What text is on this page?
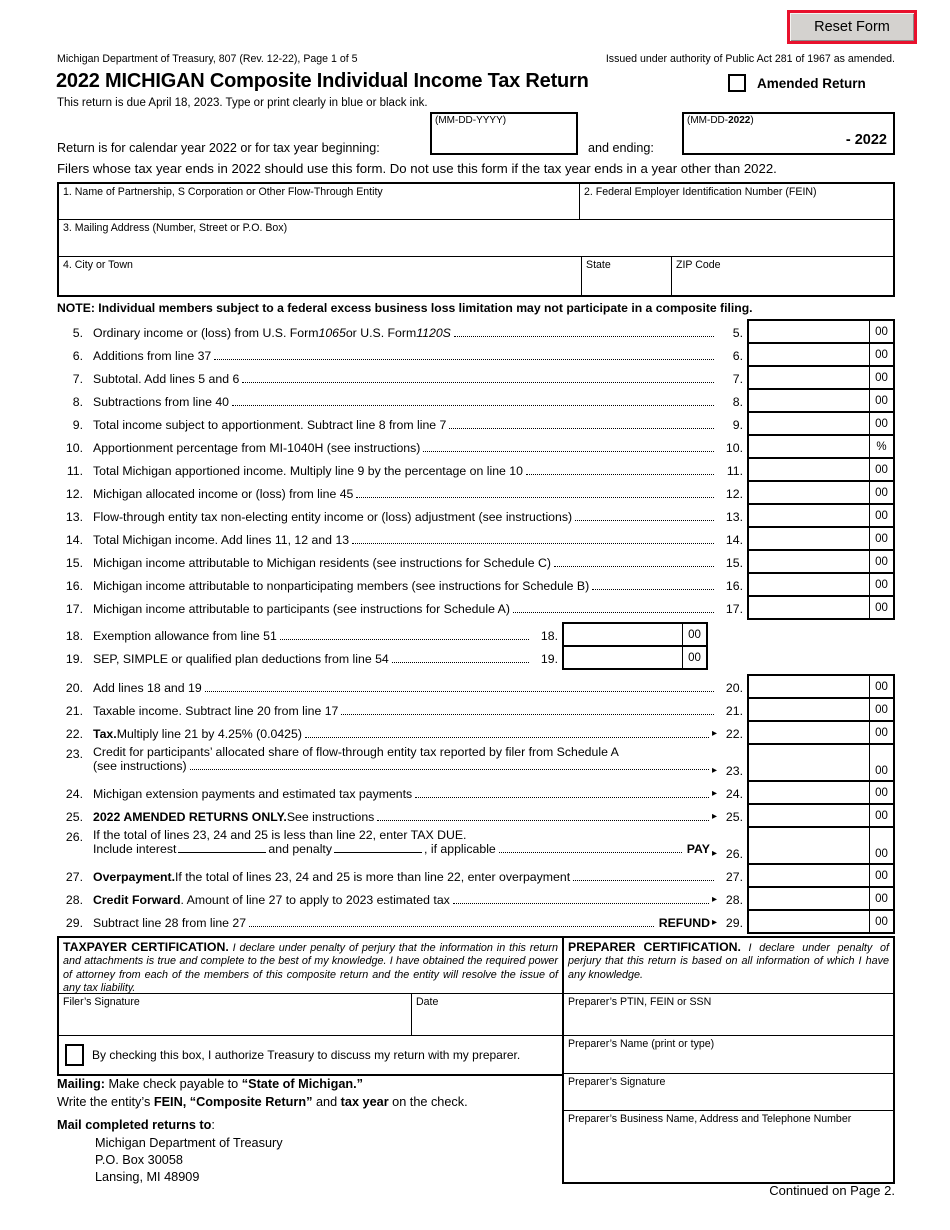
Reset Form
Michigan Department of Treasury, 807 (Rev. 12-22), Page 1 of 5	Issued under authority of Public Act 281 of 1967 as amended.
2022 MICHIGAN Composite Individual Income Tax Return	Amended Return
This return is due April 18, 2023. Type or print clearly in blue or black ink.
Return is for calendar year 2022 or for tax year beginning:
(MM-DD-YYYY)
and ending:
(MM-DD-2022)
- 2022
Filers whose tax year ends in 2022 should use this form. Do not use this form if the tax year ends in a year other than 2022.
1. Name of Partnership, S Corporation or Other Flow-Through Entity	2. Federal Employer Identification Number (FEIN)
3. Mailing Address (Number, Street or P.O. Box)
4. City or Town	State	ZIP Code
NOTE: Individual members subject to a federal excess business loss limitation may not participate in a composite filing.
5. Ordinary income or (loss) from U.S. Form 1065 or U.S. Form 1120S	5.	00
6. Additions from line 37	6.	00
7. Subtotal. Add lines 5 and 6	7.	00
8. Subtractions from line 40	8.	00
9. Total income subject to apportionment. Subtract line 8 from line 7	9.	00
10. Apportionment percentage from MI-1040H (see instructions)	10.	%
11. Total Michigan apportioned income. Multiply line 9 by the percentage on line 10	11.	00
12. Michigan allocated income or (loss) from line 45	12.	00
13. Flow-through entity tax non-electing entity income or (loss) adjustment (see instructions)	13.	00
14. Total Michigan income. Add lines 11, 12 and 13	14.	00
15. Michigan income attributable to Michigan residents (see instructions for Schedule C)	15.	00
16. Michigan income attributable to nonparticipating members (see instructions for Schedule B)	16.	00
17. Michigan income attributable to participants (see instructions for Schedule A)	17.	00
18. Exemption allowance from line 51	18.	00
19. SEP, SIMPLE or qualified plan deductions from line 54	19.	00
20. Add lines 18 and 19	20.	00
21. Taxable income. Subtract line 20 from line 17	21.	00
22. Tax. Multiply line 21 by 4.25% (0.0425)	▸ 22.	00
23. Credit for participants’ allocated share of flow-through entity tax reported by filer from Schedule A
(see instructions)	▸ 23.	00
24. Michigan extension payments and estimated tax payments	▸ 24.	00
25. 2022 AMENDED RETURNS ONLY. See instructions	▸ 25.	00
26. If the total of lines 23, 24 and 25 is less than line 22, enter TAX DUE.
Include interest	and penalty	, if applicable	PAY ▸ 26.	00
27. Overpayment. If the total of lines 23, 24 and 25 is more than line 22, enter overpayment	27.	00
28. Credit Forward . Amount of line 27 to apply to 2023 estimated tax	▸ 28.	00
29. Subtract line 28 from line 27	REFUND ▸ 29.	00
TAXPAYER CERTIFICATION. I declare under penalty of perjury that the information in this return and attachments is true and complete to the best of my knowledge. I have obtained the required power of attorney from each of the members of this composite return and the entity will resolve the issue of any tax liability.
Filer’s Signature	Date
By checking this box, I authorize Treasury to discuss my return with my preparer.
PREPARER CERTIFICATION. I declare under penalty of perjury that this return is based on all information of which I have any knowledge.
Preparer’s PTIN, FEIN or SSN
Preparer’s Name (print or type)
Preparer’s Signature
Preparer’s Business Name, Address and Telephone Number
Mailing: Make check payable to “State of Michigan.”
Write the entity’s FEIN, “Composite Return” and tax year on the check.
Mail completed returns to:
Michigan Department of Treasury
P.O. Box 30058
Lansing, MI 48909
Continued on Page 2.
